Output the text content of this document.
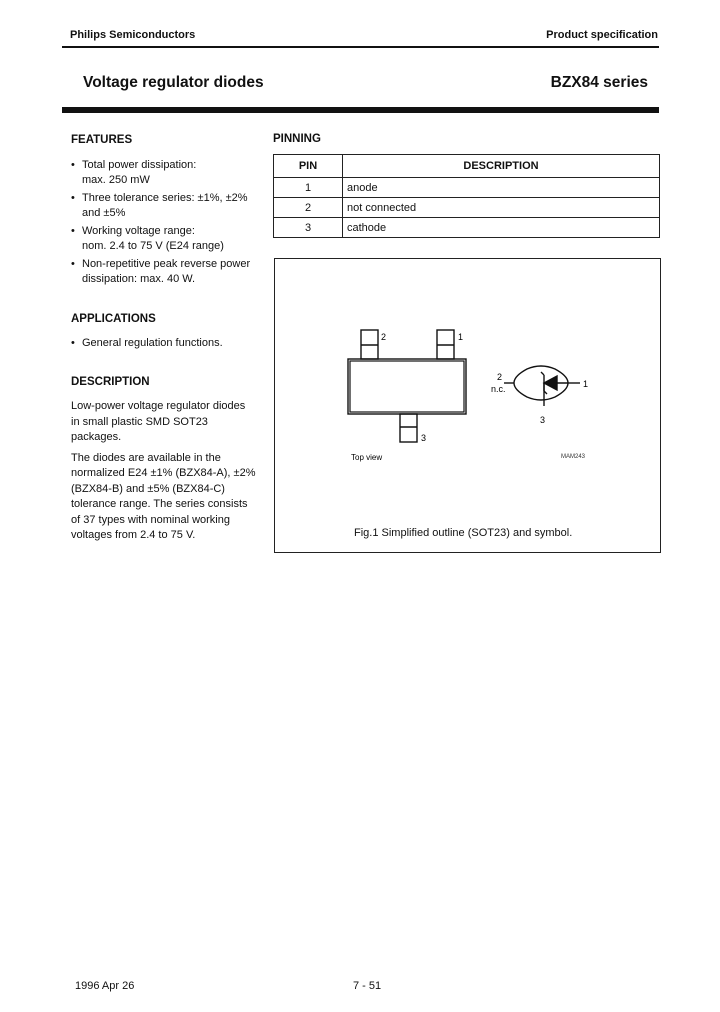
Philips Semiconductors	Product specification
Voltage regulator diodes	BZX84 series
FEATURES
• Total power dissipation:
max. 250 mW
• Three tolerance series: ±1%, ±2%
and ±5%
• Working voltage range:
nom. 2.4 to 75 V (E24 range)
• Non-repetitive peak reverse power
dissipation: max. 40 W.
APPLICATIONS
• General regulation functions.
DESCRIPTION
Low-power voltage regulator diodes
in small plastic SMD SOT23
packages.
The diodes are available in the
normalized E24 ±1% (BZX84-A), ±2%
(BZX84-B) and ±5% (BZX84-C)
tolerance range. The series consists
of 37 types with nominal working
voltages from 2.4 to 75 V.
PINNING
PIN	DESCRIPTION
1	anode
2	not connected
3	cathode
2	1
3
Top view	MAM243
2
n.c.	1
3
Fig.1 Simplified outline (SOT23) and symbol.
1996 Apr 26	7 - 51
